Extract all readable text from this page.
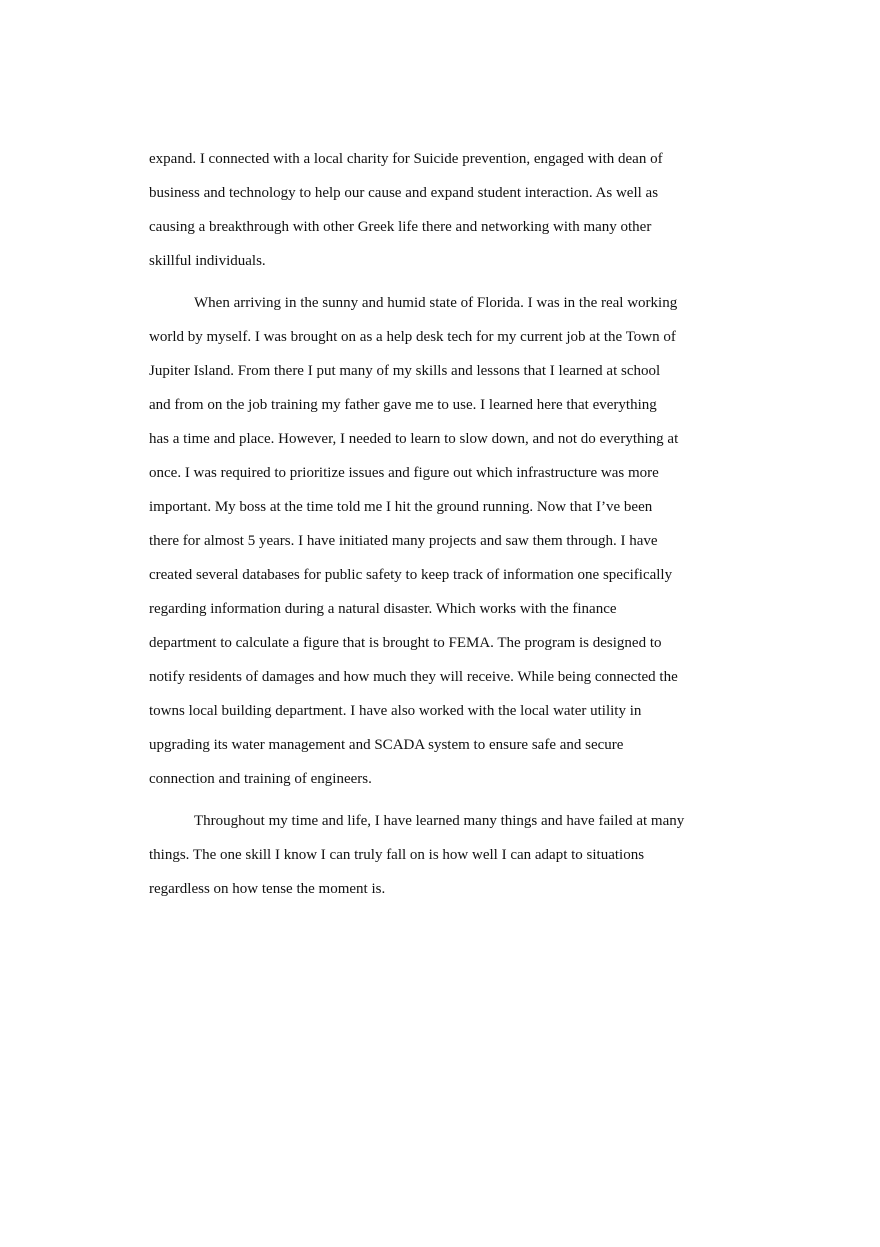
expand. I connected with a local charity for Suicide prevention, engaged with dean of
business and technology to help our cause and expand student interaction. As well as
causing a breakthrough with other Greek life there and networking with many other
skillful individuals.
When arriving in the sunny and humid state of Florida. I was in the real working
world by myself. I was brought on as a help desk tech for my current job at the Town of
Jupiter Island. From there I put many of my skills and lessons that I learned at school
and from on the job training my father gave me to use. I learned here that everything
has a time and place. However, I needed to learn to slow down, and not do everything at
once. I was required to prioritize issues and figure out which infrastructure was more
important. My boss at the time told me I hit the ground running. Now that I’ve been
there for almost 5 years. I have initiated many projects and saw them through. I have
created several databases for public safety to keep track of information one specifically
regarding information during a natural disaster. Which works with the finance
department to calculate a figure that is brought to FEMA. The program is designed to
notify residents of damages and how much they will receive. While being connected the
towns local building department. I have also worked with the local water utility in
upgrading its water management and SCADA system to ensure safe and secure
connection and training of engineers.
Throughout my time and life, I have learned many things and have failed at many
things. The one skill I know I can truly fall on is how well I can adapt to situations
regardless on how tense the moment is.
